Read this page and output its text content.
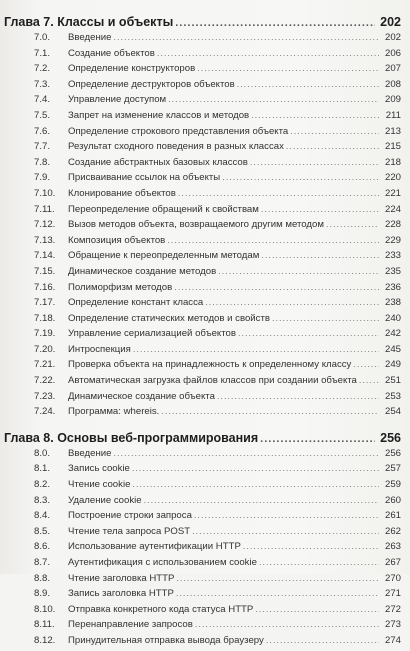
Глава 7. Классы и объекты .....	202
7.0.	Введение .....	202
7.1.	Создание объектов .....	206
7.2.	Определение конструкторов .....	207
7.3.	Определение деструкторов объектов .....	208
7.4.	Управление доступом .....	209
7.5.	Запрет на изменение классов и методов .....	211
7.6.	Определение строкового представления объекта .....	213
7.7.	Результат сходного поведения в разных классах .....	215
7.8.	Создание абстрактных базовых классов .....	218
7.9.	Присваивание ссылок на объекты .....	220
7.10.	Клонирование объектов .....	221
7.11.	Переопределение обращений к свойствам .....	224
7.12.	Вызов методов объекта, возвращаемого другим методом .....	228
7.13.	Композиция объектов .....	229
7.14.	Обращение к переопределенным методам .....	233
7.15.	Динамическое создание методов .....	235
7.16.	Полиморфизм методов .....	236
7.17.	Определение констант класса .....	238
7.18.	Определение статических методов и свойств .....	240
7.19.	Управление сериализацией объектов .....	242
7.20.	Интроспекция .....	245
7.21.	Проверка объекта на принадлежность к определенному классу .....	249
7.22.	Автоматическая загрузка файлов классов при создании объекта .....	251
7.23.	Динамическое создание объекта .....	253
7.24.	Программа: whereis. .....	254
Глава 8. Основы веб-программирования .....	256
8.0.	Введение .....	256
8.1.	Запись cookie .....	257
8.2.	Чтение cookie .....	259
8.3.	Удаление cookie .....	260
8.4.	Построение строки запроса .....	261
8.5.	Чтение тела запроса POST .....	262
8.6.	Использование аутентификации HTTP .....	263
8.7.	Аутентификация с использованием cookie .....	267
8.8.	Чтение заголовка HTTP .....	270
8.9.	Запись заголовка HTTP .....	271
8.10.	Отправка конкретного кода статуса HTTP .....	272
8.11.	Перенаправление запросов .....	273
8.12.	Принудительная отправка вывода браузеру .....	274
